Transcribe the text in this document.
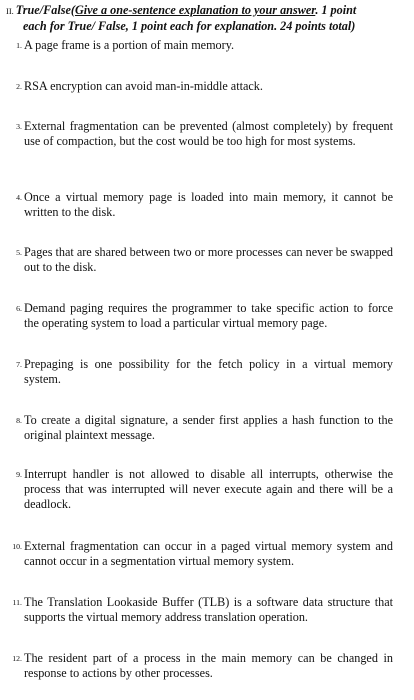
II. True/False(Give a one-sentence explanation to your answer. 1 point
each for True/ False, 1 point each for explanation. 24 points total)
1. A page frame is a portion of main memory.
2. RSA encryption can avoid man-in-middle attack.
3. External fragmentation can be prevented (almost completely) by frequent use of compaction, but the cost would be too high for most systems.
4. Once a virtual memory page is loaded into main memory, it cannot be written to the disk.
5. Pages that are shared between two or more processes can never be swapped out to the disk.
6. Demand paging requires the programmer to take specific action to force the operating system to load a particular virtual memory page.
7. Prepaging is one possibility for the fetch policy in a virtual memory system.
8. To create a digital signature, a sender first applies a hash function to the original plaintext message.
9. Interrupt handler is not allowed to disable all interrupts, otherwise the process that was interrupted will never execute again and there will be a deadlock.
10. External fragmentation can occur in a paged virtual memory system and cannot occur in a segmentation virtual memory system.
11. The Translation Lookaside Buffer (TLB) is a software data structure that supports the virtual memory address translation operation.
12. The resident part of a process in the main memory can be changed in response to actions by other processes.
